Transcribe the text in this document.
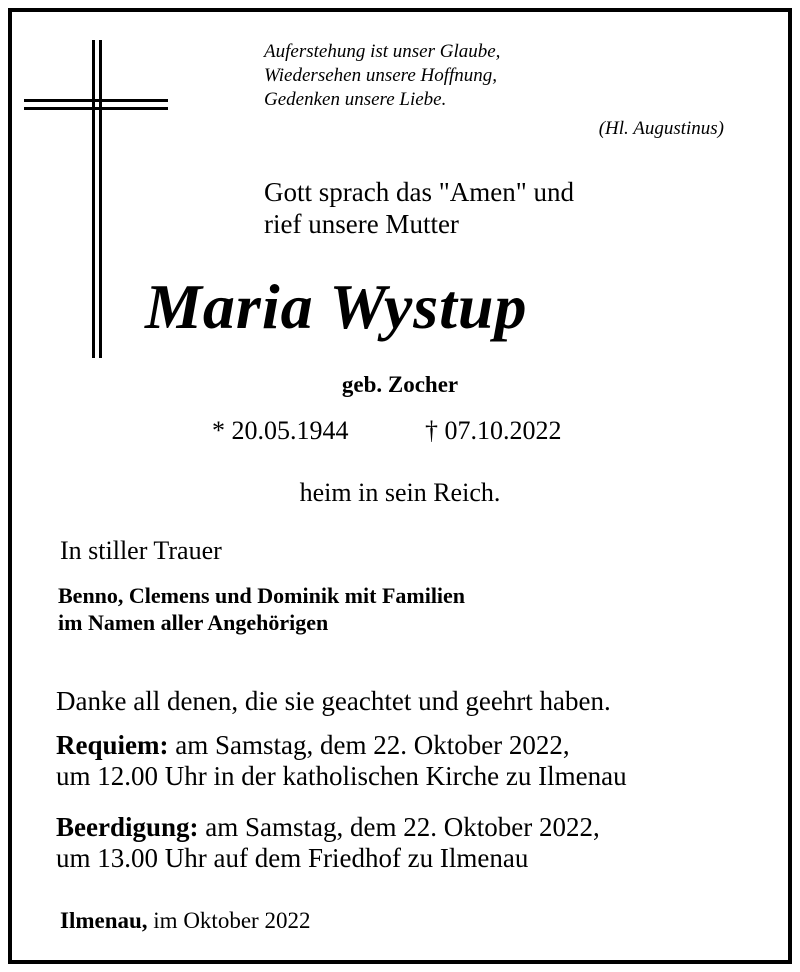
Auferstehung ist unser Glaube,
Wiedersehen unsere Hoffnung,
Gedenken unsere Liebe.
(Hl. Augustinus)
Gott sprach das "Amen" und
rief unsere Mutter
Maria Wystup
geb. Zocher
* 20.05.1944	† 07.10.2022
heim in sein Reich.
In stiller Trauer
Benno, Clemens und Dominik mit Familien
im Namen aller Angehörigen
Danke all denen, die sie geachtet und geehrt haben.
Requiem: am Samstag, dem 22. Oktober 2022,
um 12.00 Uhr in der katholischen Kirche zu Ilmenau
Beerdigung: am Samstag, dem 22. Oktober 2022,
um 13.00 Uhr auf dem Friedhof zu Ilmenau
Ilmenau, im Oktober 2022
